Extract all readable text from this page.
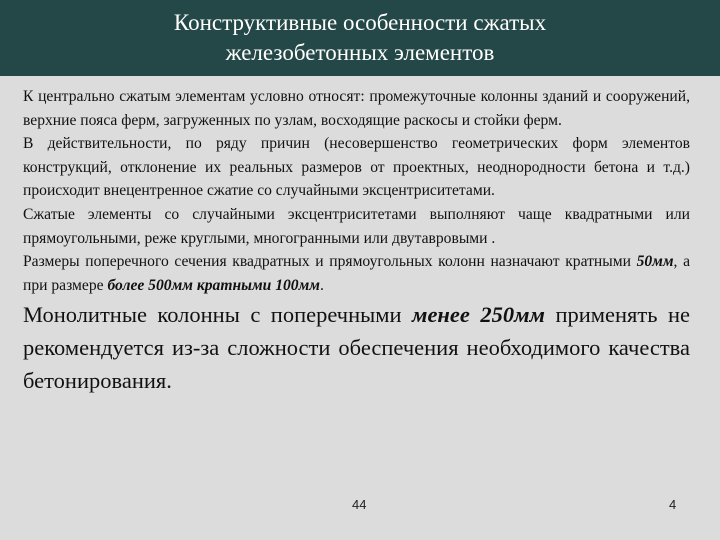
Конструктивные особенности сжатых
железобетонных элементов

К центрально сжатым элементам условно относят: промежуточные колонны зданий и сооружений, верхние пояса ферм, загруженных по узлам, восходящие раскосы и стойки ферм.

В действительности, по ряду причин (несовершенство геометрических форм элементов конструкций, отклонение их реальных размеров от проектных, неоднородности бетона и т.д.) происходит внецентренное сжатие со случайными эксцентриситетами.

Сжатые элементы со случайными эксцентриситетами выполняют чаще квадратными или прямоугольными, реже круглыми, многогранными или двутавровыми .

Размеры поперечного сечения квадратных и прямоугольных колонн назначают кратными 50мм, а при размере более 500мм кратными 100мм.

Монолитные колонны с поперечными менее 250мм применять не рекомендуется из-за сложности обеспечения необходимого качества бетонирования.

44	4
